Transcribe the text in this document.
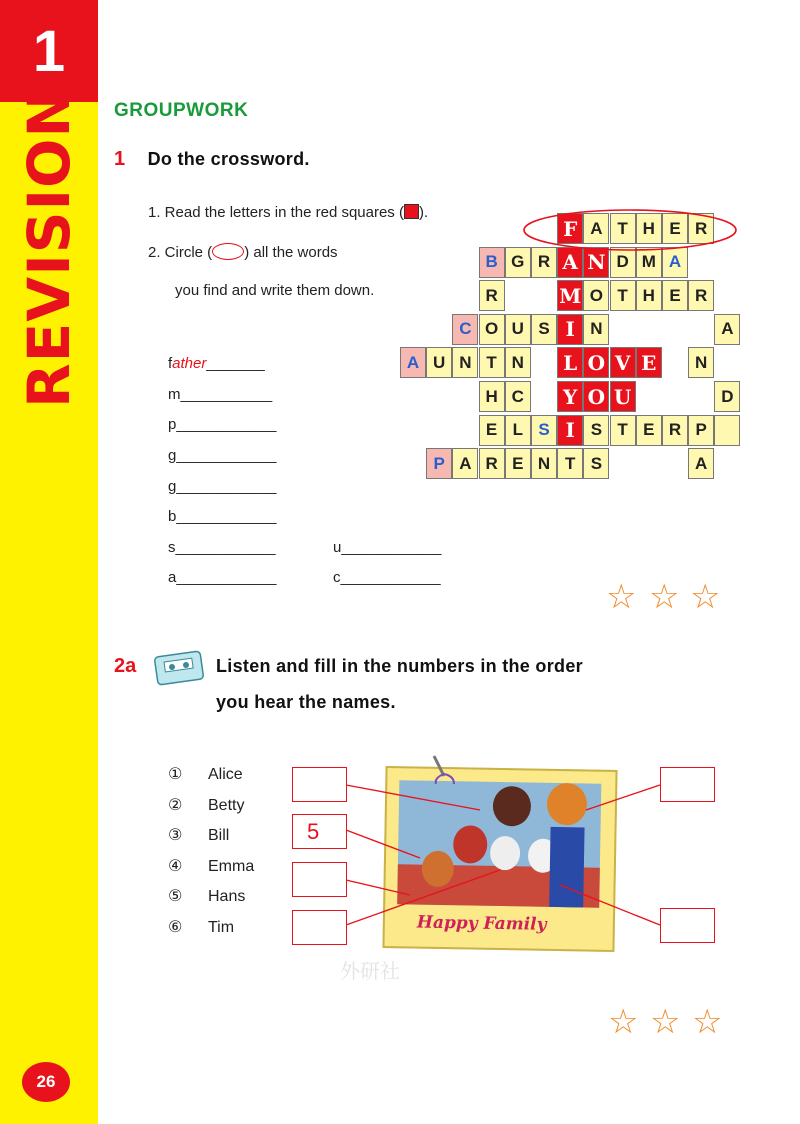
1
REVISION
26
GROUPWORK
1 Do the crossword.
1. Read the letters in the red squares ( ).
2. Circle ( ) all the words
you find and write them down.
father_______
m___________
p____________
g____________
g____________
b____________
s____________
a____________
u____________
c____________
F A T H E R
B G R A N D M A
R	M O T H E R
C O U S I N	A
A U N T N	L O V E	N
H C	Y O U	D
E L S I S T E R P
P A R E N T S	A
☆ ☆ ☆
2a	Listen and fill in the numbers in the order
you hear the names.
① Alice
② Betty
③ Bill
④ Emma
⑤ Hans
⑥ Tim	Happy Family
外研社
5
☆ ☆ ☆
